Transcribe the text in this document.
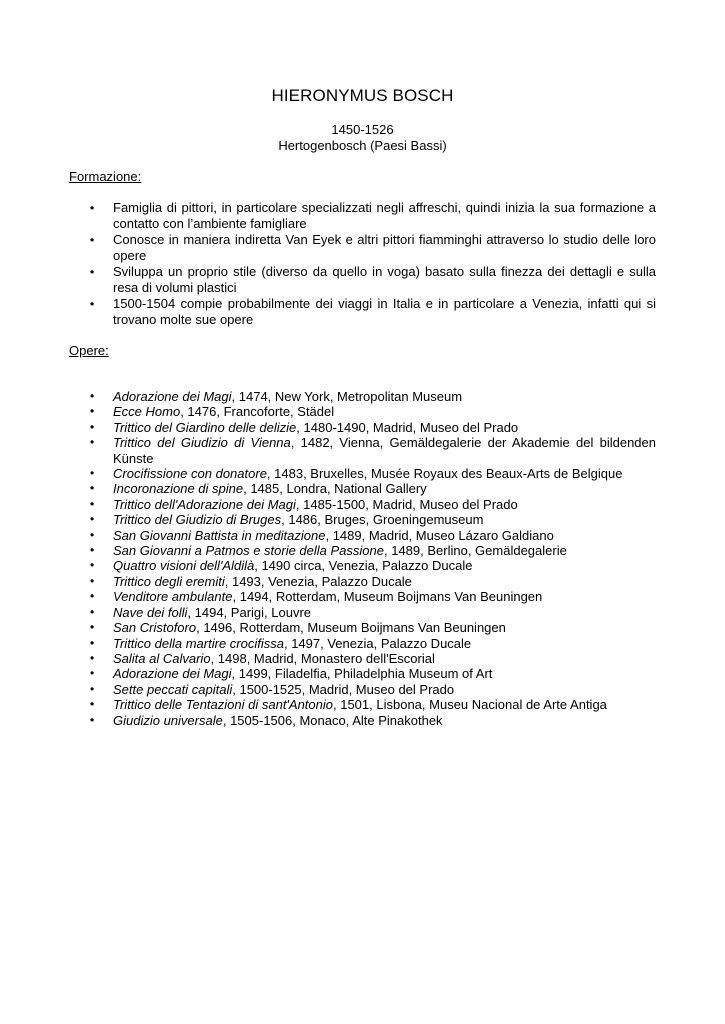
HIERONYMUS BOSCH
1450-1526
Hertogenbosch (Paesi Bassi)
Formazione:
• Famiglia di pittori, in particolare specializzati negli affreschi, quindi inizia la sua formazione a contatto con l’ambiente famigliare
• Conosce in maniera indiretta Van Eyek e altri pittori fiamminghi attraverso lo studio delle loro opere
• Sviluppa un proprio stile (diverso da quello in voga) basato sulla finezza dei dettagli e sulla resa di volumi plastici
• 1500-1504 compie probabilmente dei viaggi in Italia e in particolare a Venezia, infatti qui si trovano molte sue opere
Opere:
• Adorazione dei Magi, 1474, New York, Metropolitan Museum
• Ecce Homo, 1476, Francoforte, Städel
• Trittico del Giardino delle delizie, 1480-1490, Madrid, Museo del Prado
• Trittico del Giudizio di Vienna, 1482, Vienna, Gemäldegalerie der Akademie del bildenden Künste
• Crocifissione con donatore, 1483, Bruxelles, Musée Royaux des Beaux-Arts de Belgique
• Incoronazione di spine, 1485, Londra, National Gallery
• Trittico dell'Adorazione dei Magi, 1485-1500, Madrid, Museo del Prado
• Trittico del Giudizio di Bruges, 1486, Bruges, Groeningemuseum
• San Giovanni Battista in meditazione, 1489, Madrid, Museo Lázaro Galdiano
• San Giovanni a Patmos e storie della Passione, 1489, Berlino, Gemäldegalerie
• Quattro visioni dell'Aldilà, 1490 circa, Venezia, Palazzo Ducale
• Trittico degli eremiti, 1493, Venezia, Palazzo Ducale
• Venditore ambulante, 1494, Rotterdam, Museum Boijmans Van Beuningen
• Nave dei folli, 1494, Parigi, Louvre
• San Cristoforo, 1496, Rotterdam, Museum Boijmans Van Beuningen
• Trittico della martire crocifissa, 1497, Venezia, Palazzo Ducale
• Salita al Calvario, 1498, Madrid, Monastero dell'Escorial
• Adorazione dei Magi, 1499, Filadelfia, Philadelphia Museum of Art
• Sette peccati capitali, 1500-1525, Madrid, Museo del Prado
• Trittico delle Tentazioni di sant'Antonio, 1501, Lisbona, Museu Nacional de Arte Antiga
• Giudizio universale, 1505-1506, Monaco, Alte Pinakothek
